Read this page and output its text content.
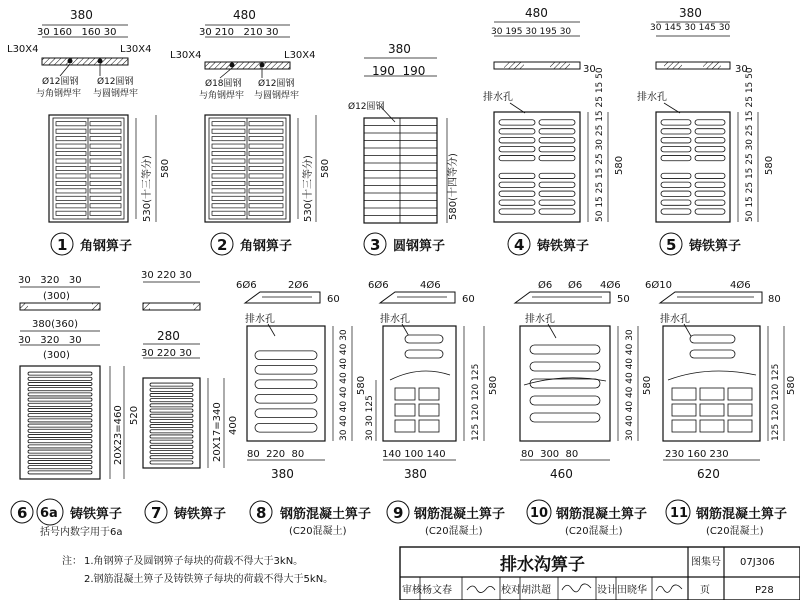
380
30 160   160 30
L30X4	L30X4
Ø12圆钢
与角钢焊牢
Ø12圆钢
与圆钢焊牢
530(十三等分) 580
1 角钢箅子
480
30 210   210 30
L30X4	L30X4
Ø18圆钢
与角钢焊牢
Ø12圆钢
与圆钢焊牢
530(十三等分) 580
2 角钢箅子
380
190  190
Ø12圆钢
580(十四等分)
3 圆钢箅子
480
30 195 30 195 30
30
排水孔	50 15 25 15 25 30 25 15 25 15 50 580
4 铸铁箅子
380
30 145 30 145 30
30
排水孔	50 15 25 15 25 30 25 15 25 15 50 580
5 铸铁箅子
30   320   30
(300)
380(360)
30   320   30
(300)
20X23=460 520
6 6a 铸铁箅子
括号内数字用于6a
30 220 30
280
30 220 30
20X17=340 400
7 铸铁箅子
6Ø6	2Ø6
60
排水孔
30 40 40 40 40 40 40 30 580
80  220  80
380
8 钢筋混凝土箅子
(C20混凝土)
6Ø6	4Ø6
60
排水孔
30 30 125	125 120 120 125 580
140 100 140
380
9 钢筋混凝土箅子
(C20混凝土)
Ø6 Ø6 4Ø6
50
排水孔
30 40 40 40 40 40 40 30 580
80  300  80
460
10 钢筋混凝土箅子
(C20混凝土)
6Ø10	4Ø6
80
排水孔
125 120 120 125 580
230 160 230
620
11 钢筋混凝土箅子
(C20混凝土)
注： 1.角钢箅子及圆钢箅子每块的荷载不得大于3kN。
2.钢筋混凝土箅子及铸铁箅子每块的荷载不得大于5kN。
排水沟箅子	图集号 07J306
审核 杨文春	校对 胡洪超	设计 田晓华	页	P28
